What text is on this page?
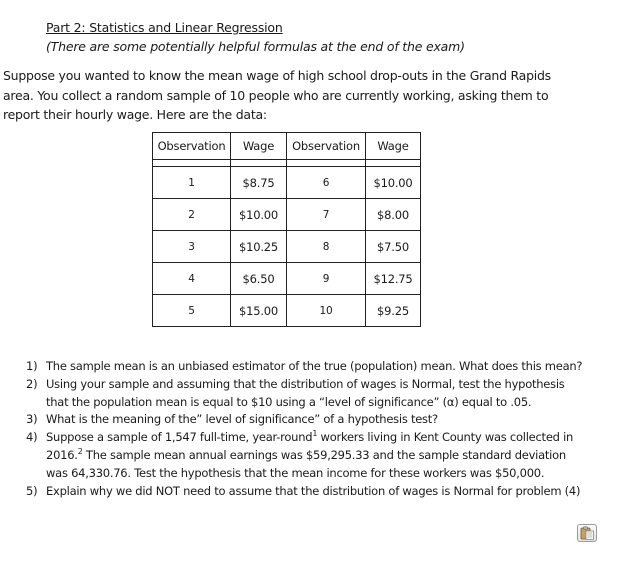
Part 2: Statistics and Linear Regression
(There are some potentially helpful formulas at the end of the exam)
Suppose you wanted to know the mean wage of high school drop-outs in the Grand Rapids area. You collect a random sample of 10 people who are currently working, asking them to report their hourly wage. Here are the data:
Observation	Wage	Observation	Wage

1	$8.75	6	$10.00
2	$10.00	7	$8.00
3	$10.25	8	$7.50
4	$6.50	9	$12.75
5	$15.00	10	$9.25
1) The sample mean is an unbiased estimator of the true (population) mean. What does this mean?
2) Using your sample and assuming that the distribution of wages is Normal, test the hypothesis that the population mean is equal to $10 using a “level of significance” (α) equal to .05.
3) What is the meaning of the” level of significance” of a hypothesis test?
4) Suppose a sample of 1,547 full-time, year-round$^1$ workers living in Kent County was collected in 2016.$^2$ The sample mean annual earnings was $59,295.33 and the sample standard deviation was 64,330.76. Test the hypothesis that the mean income for these workers was $50,000.
5) Explain why we did NOT need to assume that the distribution of wages is Normal for problem (4)
